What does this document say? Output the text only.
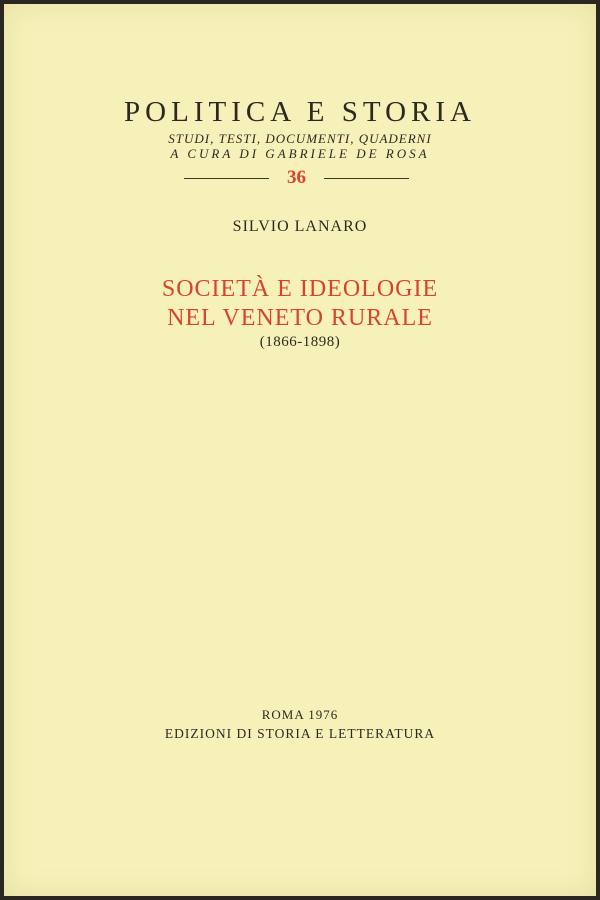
POLITICA E STORIA

STUDI, TESTI, DOCUMENTI, QUADERNI

A CURA DI GABRIELE DE ROSA

36

SILVIO LANARO

SOCIETÀ E IDEOLOGIE

NEL VENETO RURALE

(1866-1898)

ROMA 1976

EDIZIONI DI STORIA E LETTERATURA
